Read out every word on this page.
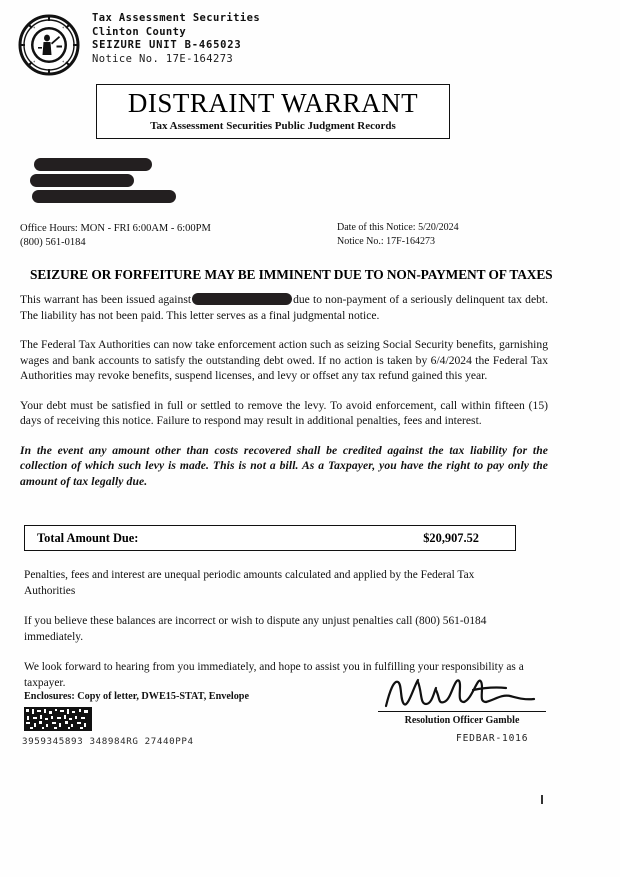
*	*
*	*
Tax Assessment Securities
Clinton County
SEIZURE UNIT B-465023
Notice No. 17E-164273
DISTRAINT WARRANT
Tax Assessment Securities Public Judgment Records
Office Hours: MON - FRI 6:00AM - 6:00PM
(800) 561-0184
Date of this Notice: 5/20/2024
Notice No.: 17F-164273
SEIZURE OR FORFEITURE MAY BE IMMINENT DUE TO NON-PAYMENT OF TAXES

This warrant has been issued against	due to non-payment of a seriously delinquent tax debt. The liability has not been paid. This letter serves as a final judgmental notice.

The Federal Tax Authorities can now take enforcement action such as seizing Social Security benefits, garnishing wages and bank accounts to satisfy the outstanding debt owed. If no action is taken by 6/4/2024 the Federal Tax Authorities may revoke benefits, suspend licenses, and levy or offset any tax refund gained this year.

Your debt must be satisfied in full or settled to remove the levy. To avoid enforcement, call within fifteen (15) days of receiving this notice. Failure to respond may result in additional penalties, fees and interest.

In the event any amount other than costs recovered shall be credited against the tax liability for the collection of which such levy is made. This is not a bill. As a Taxpayer, you have the right to pay only the amount of tax legally due.

Total Amount Due:	$20,907.52

Penalties, fees and interest are unequal periodic amounts calculated and applied by the Federal Tax Authorities

If you believe these balances are incorrect or wish to dispute any unjust penalties call (800) 561-0184 immediately.

We look forward to hearing from you immediately, and hope to assist you in fulfilling your responsibility as a taxpayer.

Enclosures: Copy of letter, DWE15-STAT, Envelope
3959345893 348984RG 27440PP4
Resolution Officer Gamble
FEDBAR-1016
